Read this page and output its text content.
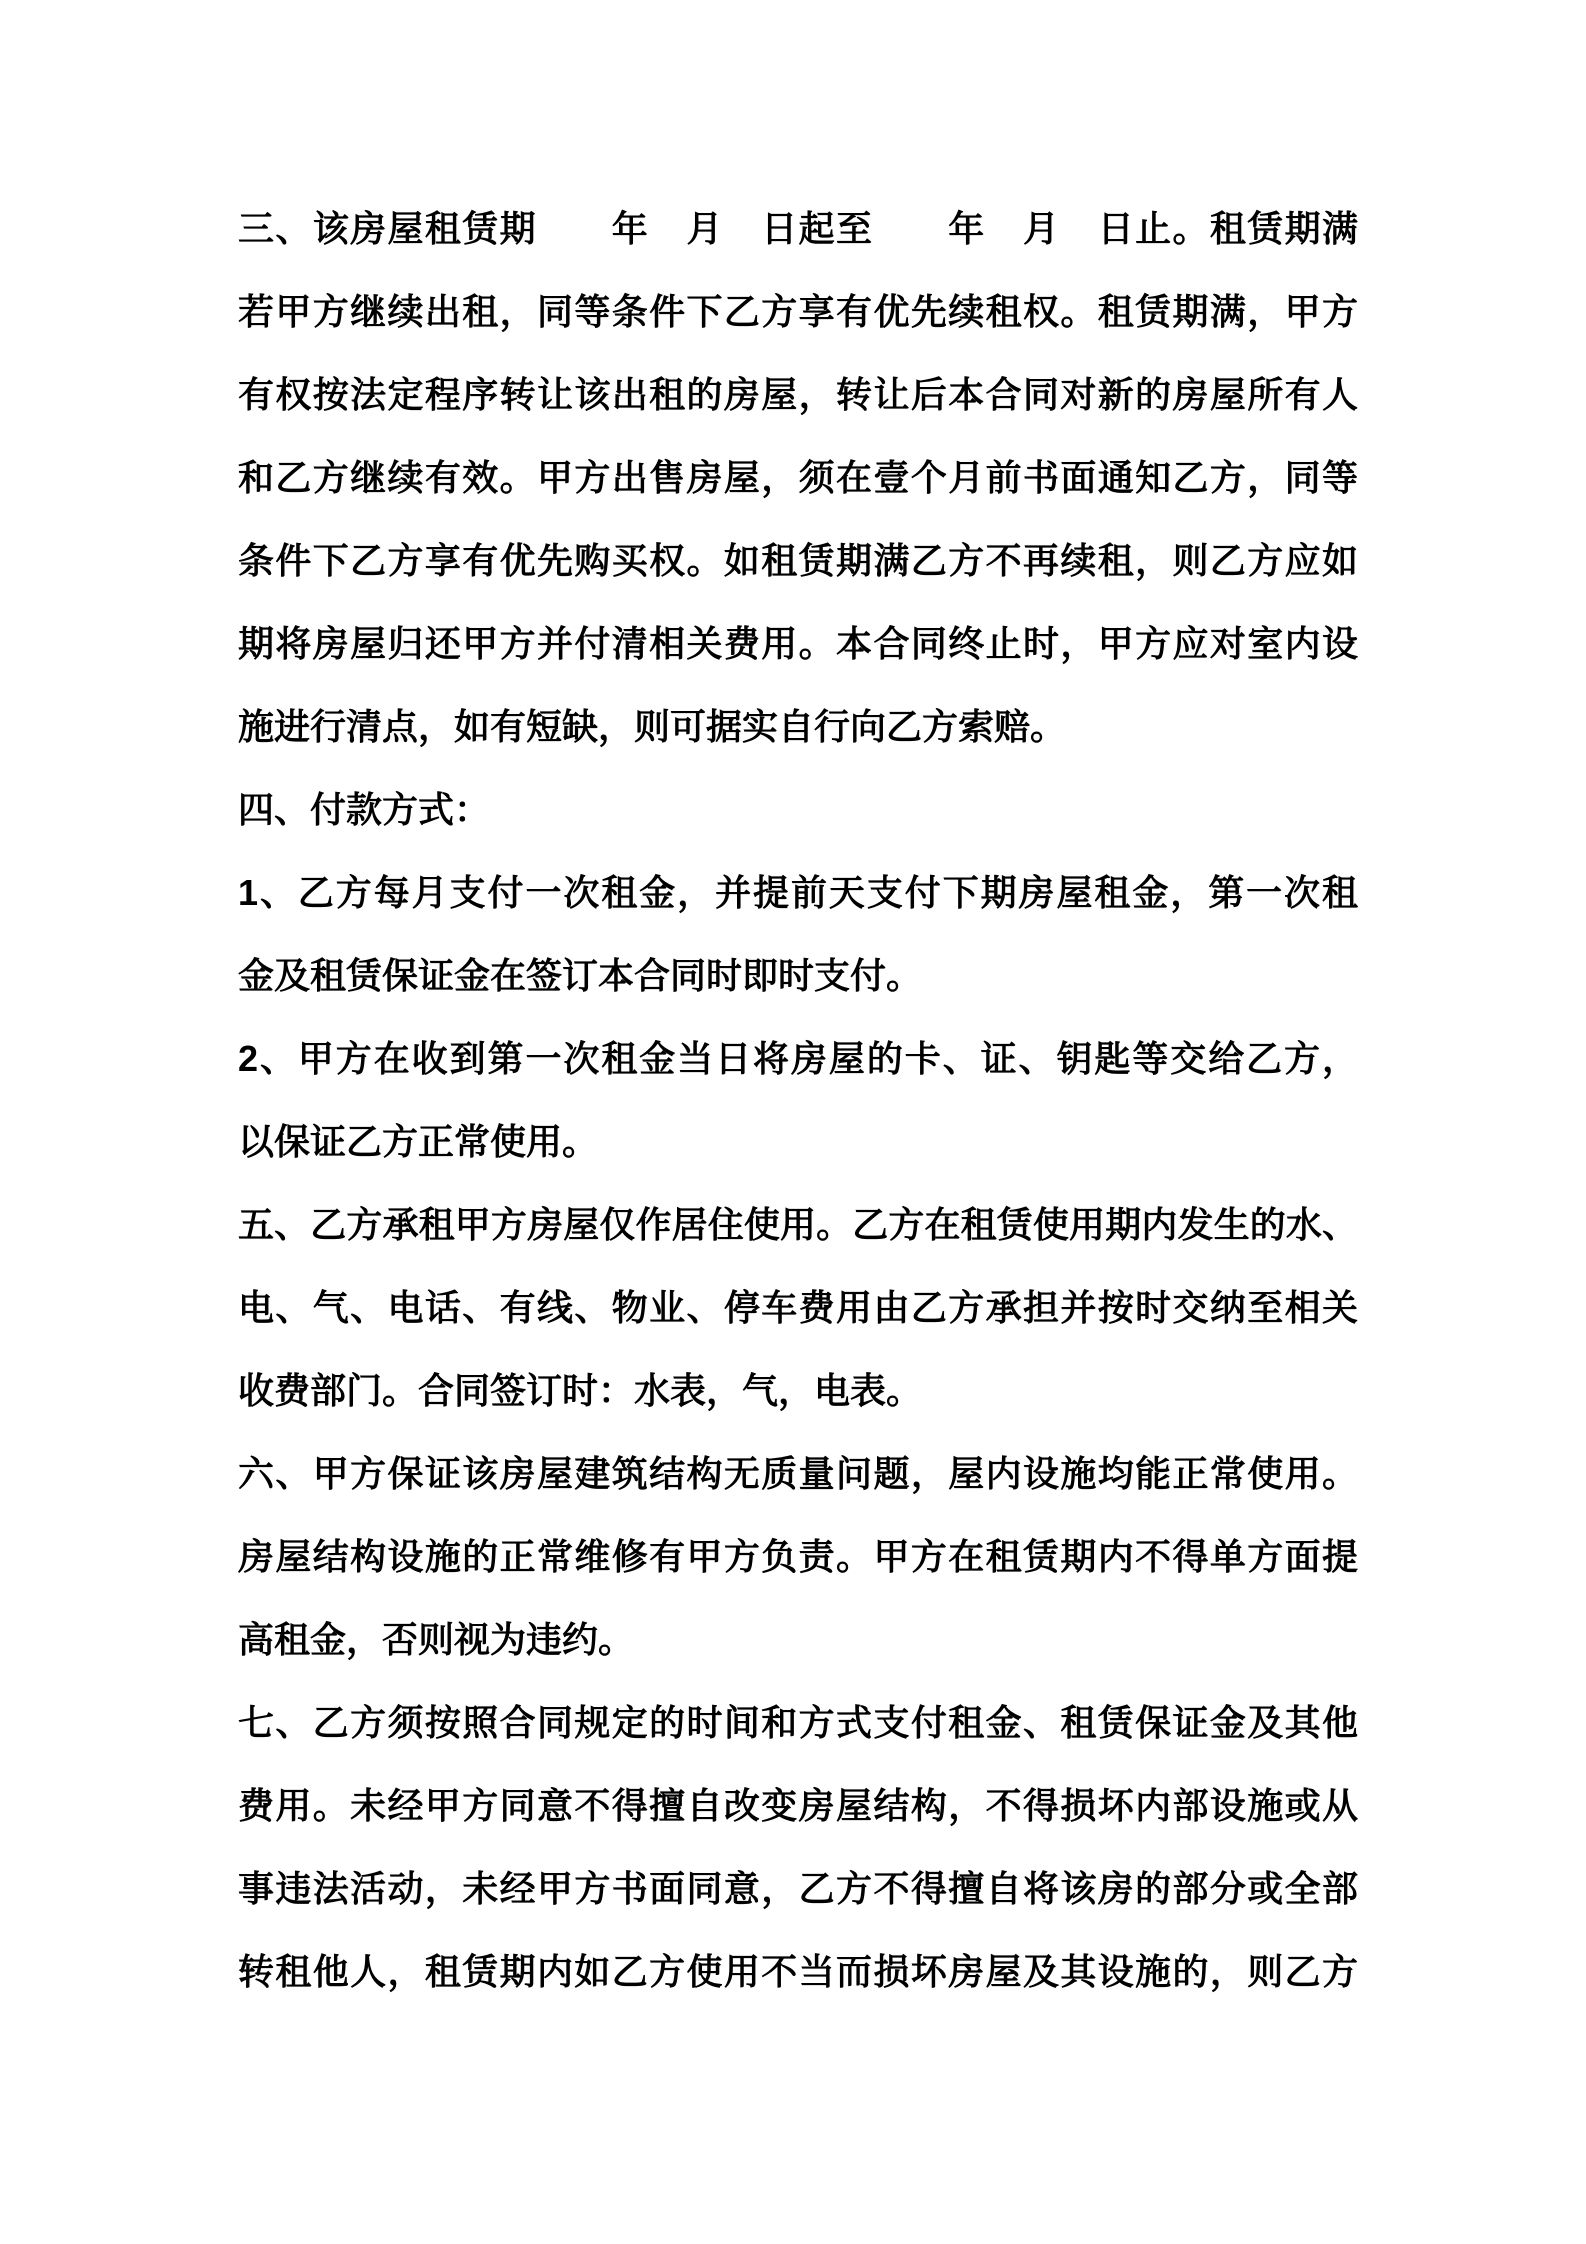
三、该房屋租赁期　　年　月　日起至　　年　月　日止。租赁期满
若甲方继续出租，同等条件下乙方享有优先续租权。租赁期满，甲方
有权按法定程序转让该出租的房屋，转让后本合同对新的房屋所有人
和乙方继续有效。甲方出售房屋，须在壹个月前书面通知乙方，同等
条件下乙方享有优先购买权。如租赁期满乙方不再续租，则乙方应如
期将房屋归还甲方并付清相关费用。本合同终止时，甲方应对室内设
施进行清点，如有短缺，则可据实自行向乙方索赔。
四、付款方式：
1、乙方每月支付一次租金，并提前天支付下期房屋租金，第一次租
金及租赁保证金在签订本合同时即时支付。
2、甲方在收到第一次租金当日将房屋的卡、证、钥匙等交给乙方，
以保证乙方正常使用。
五、乙方承租甲方房屋仅作居住使用。乙方在租赁使用期内发生的水、
电、气、电话、有线、物业、停车费用由乙方承担并按时交纳至相关
收费部门。合同签订时：水表，气，电表。
六、甲方保证该房屋建筑结构无质量问题，屋内设施均能正常使用。
房屋结构设施的正常维修有甲方负责。甲方在租赁期内不得单方面提
高租金，否则视为违约。
七、乙方须按照合同规定的时间和方式支付租金、租赁保证金及其他
费用。未经甲方同意不得擅自改变房屋结构，不得损坏内部设施或从
事违法活动，未经甲方书面同意，乙方不得擅自将该房的部分或全部
转租他人，租赁期内如乙方使用不当而损坏房屋及其设施的，则乙方
